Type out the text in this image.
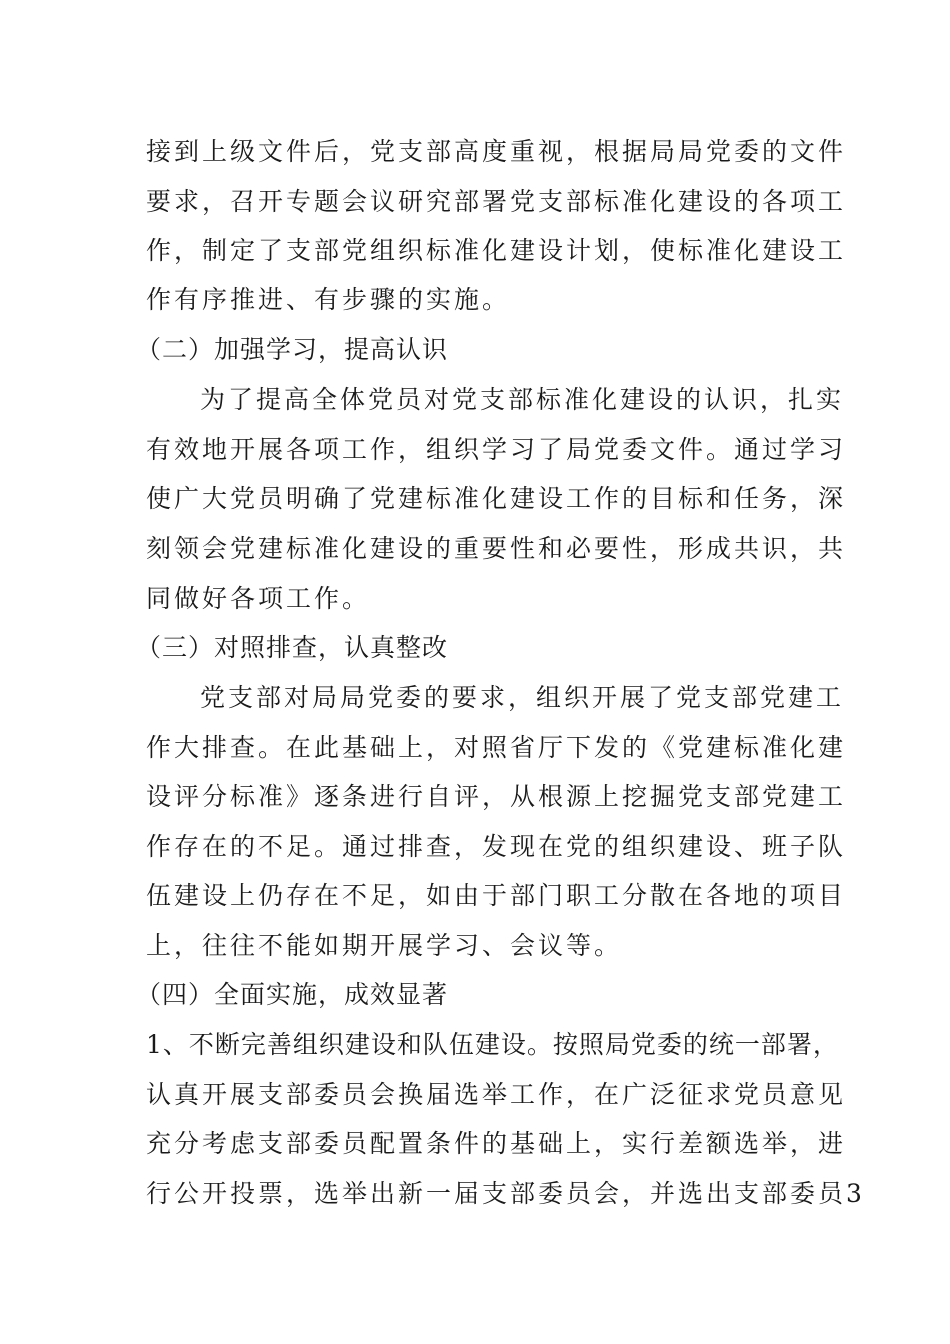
接到上级文件后，党支部高度重视，根据局局党委的文件
要求，召开专题会议研究部署党支部标准化建设的各项工
作，制定了支部党组织标准化建设计划，使标准化建设工
作有序推进、有步骤的实施。
（二）加强学习，提高认识
为了提高全体党员对党支部标准化建设的认识，扎实
有效地开展各项工作，组织学习了局党委文件。通过学习
使广大党员明确了党建标准化建设工作的目标和任务，深
刻领会党建标准化建设的重要性和必要性，形成共识，共
同做好各项工作。
（三）对照排查，认真整改
党支部对局局党委的要求，组织开展了党支部党建工
作大排查。在此基础上，对照省厅下发的《党建标准化建
设评分标准》逐条进行自评，从根源上挖掘党支部党建工
作存在的不足。通过排查，发现在党的组织建设、班子队
伍建设上仍存在不足，如由于部门职工分散在各地的项目
上，往往不能如期开展学习、会议等。
（四）全面实施，成效显著
1、不断完善组织建设和队伍建设。按照局党委的统一部署，
认真开展支部委员会换届选举工作，在广泛征求党员意见
充分考虑支部委员配置条件的基础上，实行差额选举，进
行公开投票，选举出新一届支部委员会，并选出支部委员3
